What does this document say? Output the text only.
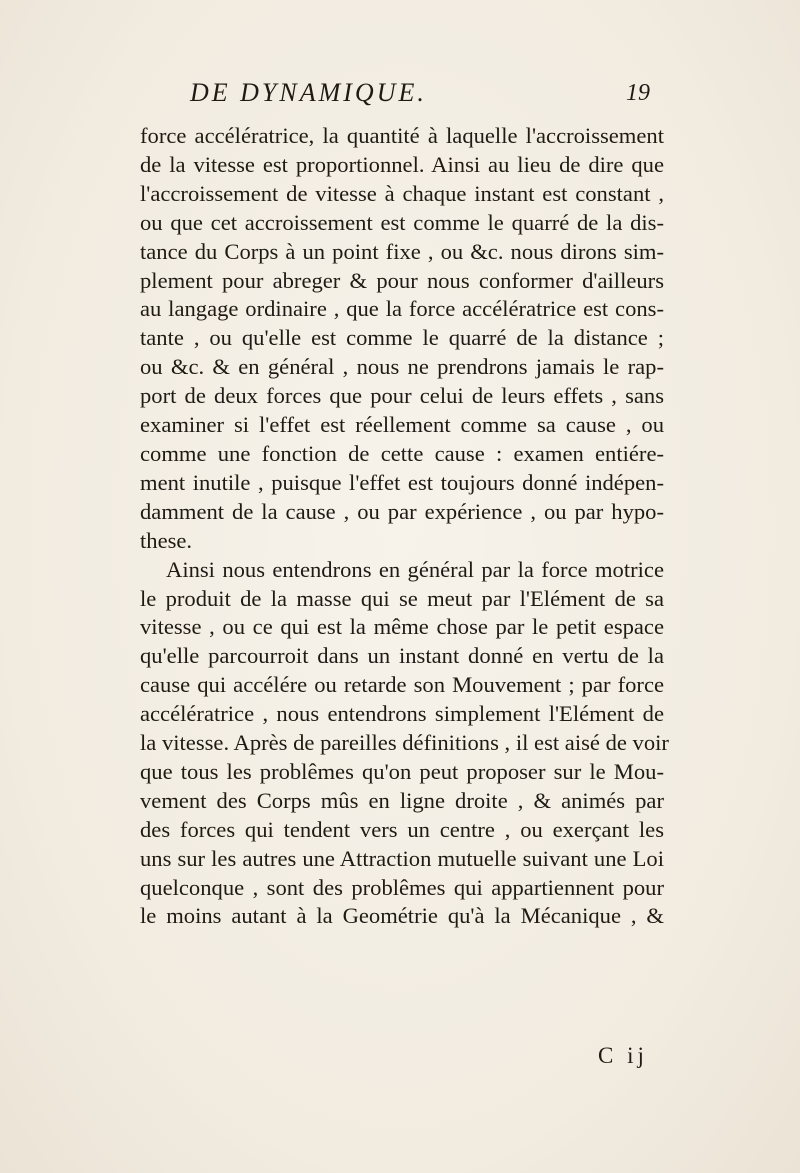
DE DYNAMIQUE.	19
force accélératrice, la quantité à laquelle l'accroissement
de la vitesse est proportionnel. Ainsi au lieu de dire que
l'accroissement de vitesse à chaque instant est constant ,
ou que cet accroissement est comme le quarré de la dis-
tance du Corps à un point fixe , ou &c. nous dirons sim-
plement pour abreger & pour nous conformer d'ailleurs
au langage ordinaire , que la force accélératrice est cons-
tante , ou qu'elle est comme le quarré de la distance ;
ou &c. & en général , nous ne prendrons jamais le rap-
port de deux forces que pour celui de leurs effets , sans
examiner si l'effet est réellement comme sa cause , ou
comme une fonction de cette cause : examen entiére-
ment inutile , puisque l'effet est toujours donné indépen-
damment de la cause , ou par expérience , ou par hypo-
these.
Ainsi nous entendrons en général par la force motrice
le produit de la masse qui se meut par l'Elément de sa
vitesse , ou ce qui est la même chose par le petit espace
qu'elle parcourroit dans un instant donné en vertu de la
cause qui accélére ou retarde son Mouvement ; par force
accélératrice , nous entendrons simplement l'Elément de
la vitesse. Après de pareilles définitions , il est aisé de voir
que tous les problêmes qu'on peut proposer sur le Mou-
vement des Corps mûs en ligne droite , & animés par
des forces qui tendent vers un centre , ou exerçant les
uns sur les autres une Attraction mutuelle suivant une Loi
quelconque , sont des problêmes qui appartiennent pour
le moins autant à la Geométrie qu'à la Mécanique , &
C ij
